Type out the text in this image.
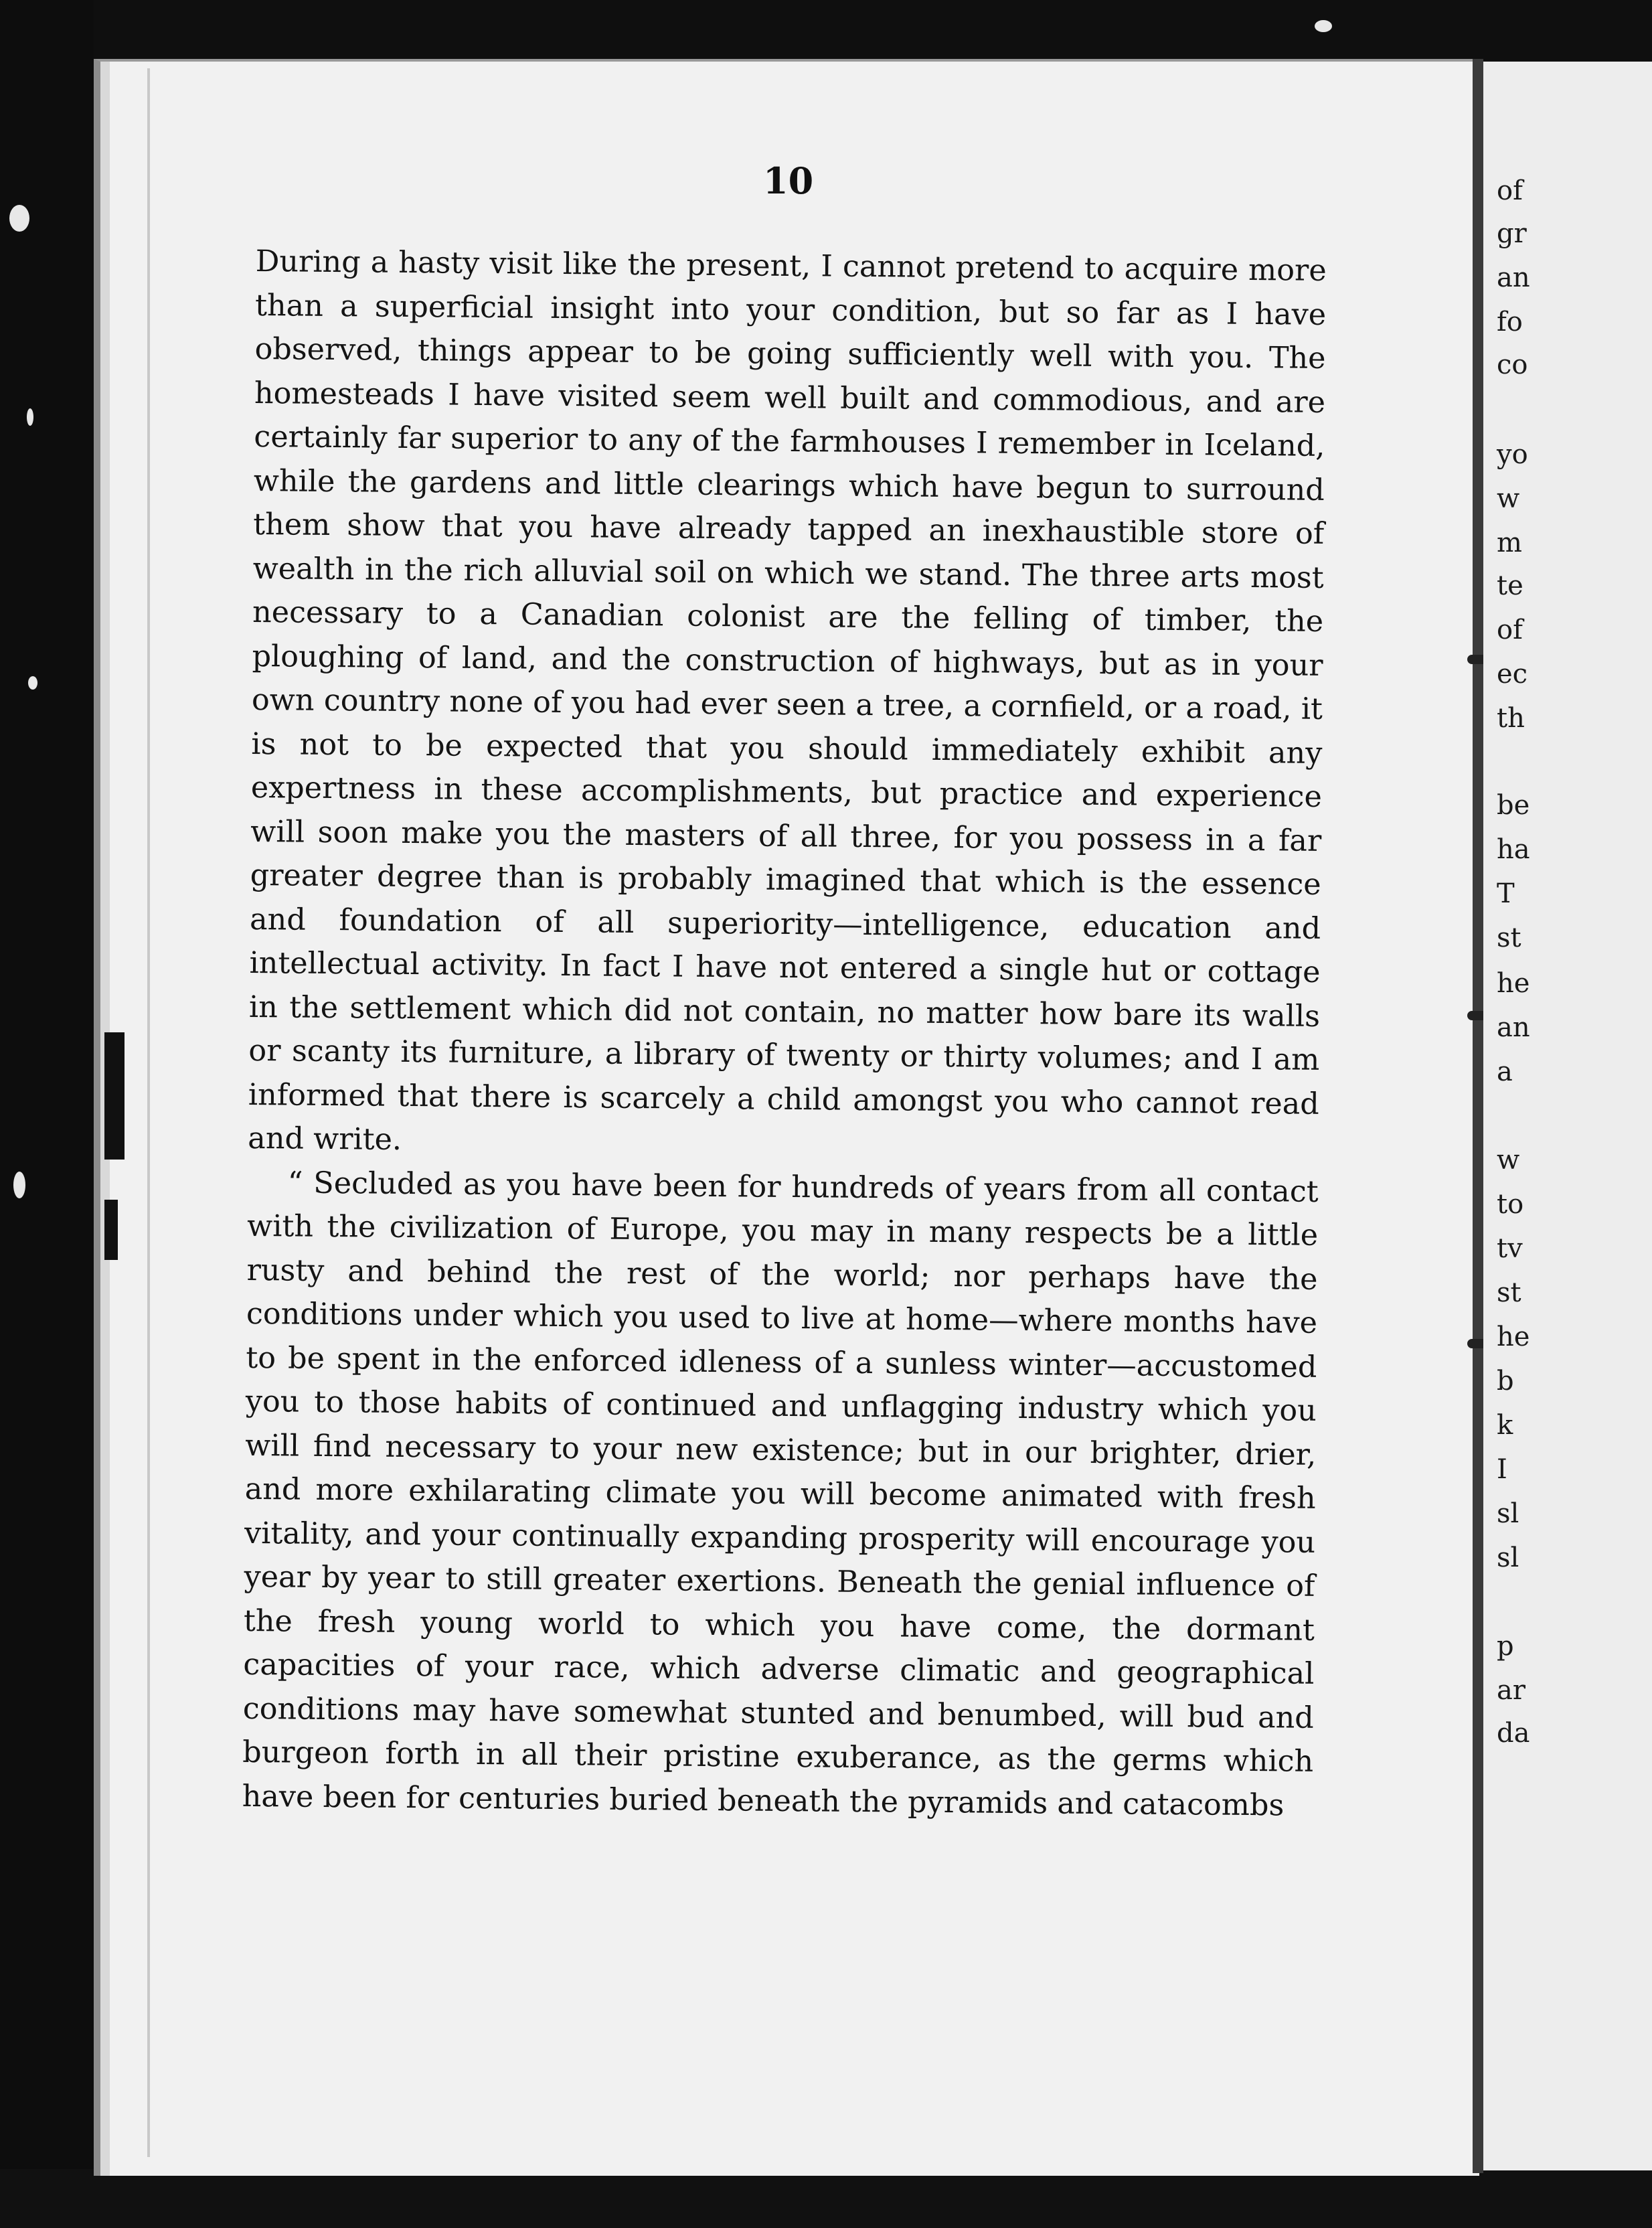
10

During a hasty visit like the present, I cannot pretend to acquire more than a superficial insight into your condition, but so far as I have observed, things appear to be going sufficiently well with you. The homesteads I have visited seem well built and commodious, and are certainly far superior to any of the farmhouses I remember in Iceland, while the gardens and little clearings which have begun to surround them show that you have already tapped an inexhaustible store of wealth in the rich alluvial soil on which we stand. The three arts most necessary to a Canadian colonist are the felling of timber, the ploughing of land, and the construction of highways, but as in your own country none of you had ever seen a tree, a cornfield, or a road, it is not to be expected that you should immediately exhibit any expertness in these accomplishments, but practice and experience will soon make you the masters of all three, for you possess in a far greater degree than is probably imagined that which is the essence and foundation of all superiority—intelligence, education and intellectual activity. In fact I have not entered a single hut or cottage in the settlement which did not contain, no matter how bare its walls or scanty its furniture, a library of twenty or thirty volumes; and I am informed that there is scarcely a child amongst you who cannot read and write.

“ Secluded as you have been for hundreds of years from all contact with the civilization of Europe, you may in many respects be a little rusty and behind the rest of the world; nor perhaps have the conditions under which you used to live at home—where months have to be spent in the enforced idleness of a sunless winter—accustomed you to those habits of continued and unflagging industry which you will find necessary to your new existence; but in our brighter, drier, and more exhilarating climate you will become animated with fresh vitality, and your continually expanding prosperity will encourage you year by year to still greater exertions. Beneath the genial influence of the fresh young world to which you have come, the dormant capacities of your race, which adverse climatic and geographical conditions may have somewhat stunted and benumbed, will bud and burgeon forth in all their pristine exuberance, as the germs which have been for centuries buried beneath the pyramids and catacombs

of
gr
an
fo
co
yo
w
m
te
of
ec
th
be
ha
T
st
he
an
a
w
to
tv
st
he
b
k
I
sl
sl
p
ar
da
